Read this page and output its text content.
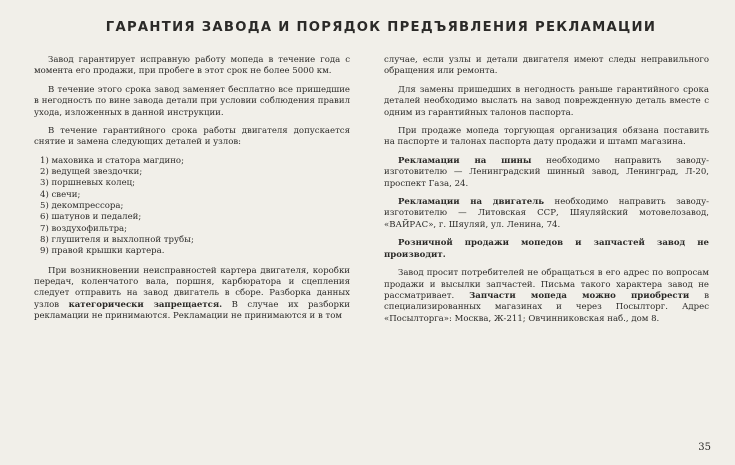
ГАРАНТИЯ ЗАВОДА И ПОРЯДОК ПРЕДЪЯВЛЕНИЯ РЕКЛАМАЦИИ

Завод гарантирует исправную работу мопеда в течение года с момента его продажи, при пробеге в этот срок не более 5000 км.

В течение этого срока завод заменяет бесплатно все пришедшие в негодность по вине завода детали при условии соблюдения правил ухода, изложенных в данной инструкции.

В течение гарантийного срока работы двигателя допускается снятие и замена следующих деталей и узлов:

1) маховика и статора магдино;
2) ведущей звездочки;
3) поршневых колец;
4) свечи;
5) декомпрессора;
6) шатунов и педалей;
7) воздухофильтра;
8) глушителя и выхлопной трубы;
9) правой крышки картера.

При возникновении неисправностей картера двигателя, коробки передач, коленчатого вала, поршня, карбюратора и сцепления следует отправить на завод двигатель в сборе. Разборка данных узлов категорически запрещается. В случае их разборки рекламации не принимаются. Рекламации не принимаются и в том

случае, если узлы и детали двигателя имеют следы неправильного обращения или ремонта.

Для замены пришедших в негодность раньше гарантийного срока деталей необходимо выслать на завод поврежденную деталь вместе с одним из гарантийных талонов паспорта.

При продаже мопеда торгующая организация обязана поставить на паспорте и талонах паспорта дату продажи и штамп магазина.

Рекламации на шины необходимо направить заводу-изготовителю — Ленинградский шинный завод, Ленинград, Л-20, проспект Газа, 24.

Рекламации на двигатель необходимо направить заводу-изготовителю — Литовская ССР, Шяуляйский мотовелозавод, «ВАЙРАС», г. Шяуляй, ул. Ленина, 74.

Розничной продажи мопедов и запчастей завод не производит.

Завод просит потребителей не обращаться в его адрес по вопросам продажи и высылки запчастей. Письма такого характера завод не рассматривает. Запчасти мопеда можно приобрести в специализированных магазинах и через Посылторг. Адрес «Посылторга»: Москва, Ж-211; Овчинниковская наб., дом 8.

35
